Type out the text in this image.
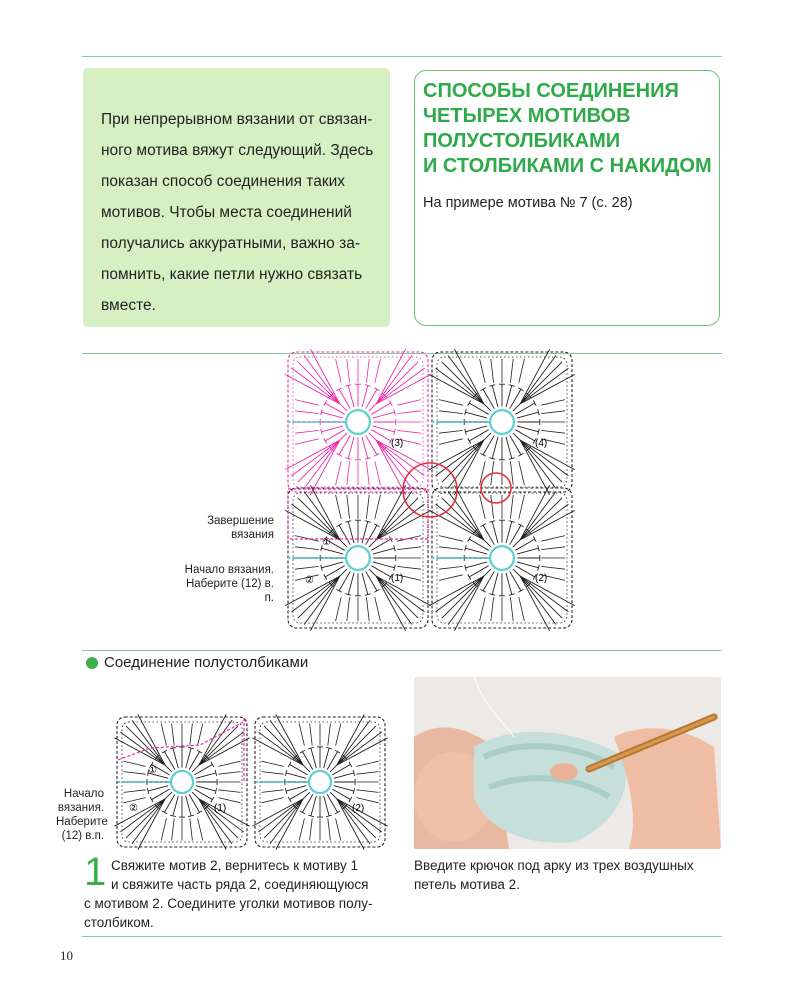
При непрерывном вязании от связан-
ного мотива вяжут следующий. Здесь
показан способ соединения таких
мотивов. Чтобы места соединений
получались аккуратными, важно за-
помнить, какие петли нужно связать
вместе.
СПОСОБЫ СОЕДИНЕНИЯ
ЧЕТЫРЕХ МОТИВОВ
ПОЛУСТОЛБИКАМИ
И СТОЛБИКАМИ С НАКИДОМ
На примере мотива № 7 (с. 28)
Завершение
вязания
Начало вязания.
Наберите (12) в. п.
(1)	(2)
(3)	(4)
①
②
Соединение полустолбиками
Начало
вязания.
Наберите
(12) в.п.
(1)	(2)
①
②
1 Свяжите мотив 2, вернитесь к мотиву 1
и свяжите часть ряда 2, соединяющуюся
с мотивом 2. Соедините уголки мотивов полу-
столбиком.
Введите крючок под арку из трех воздушных
петель мотива 2.
10
